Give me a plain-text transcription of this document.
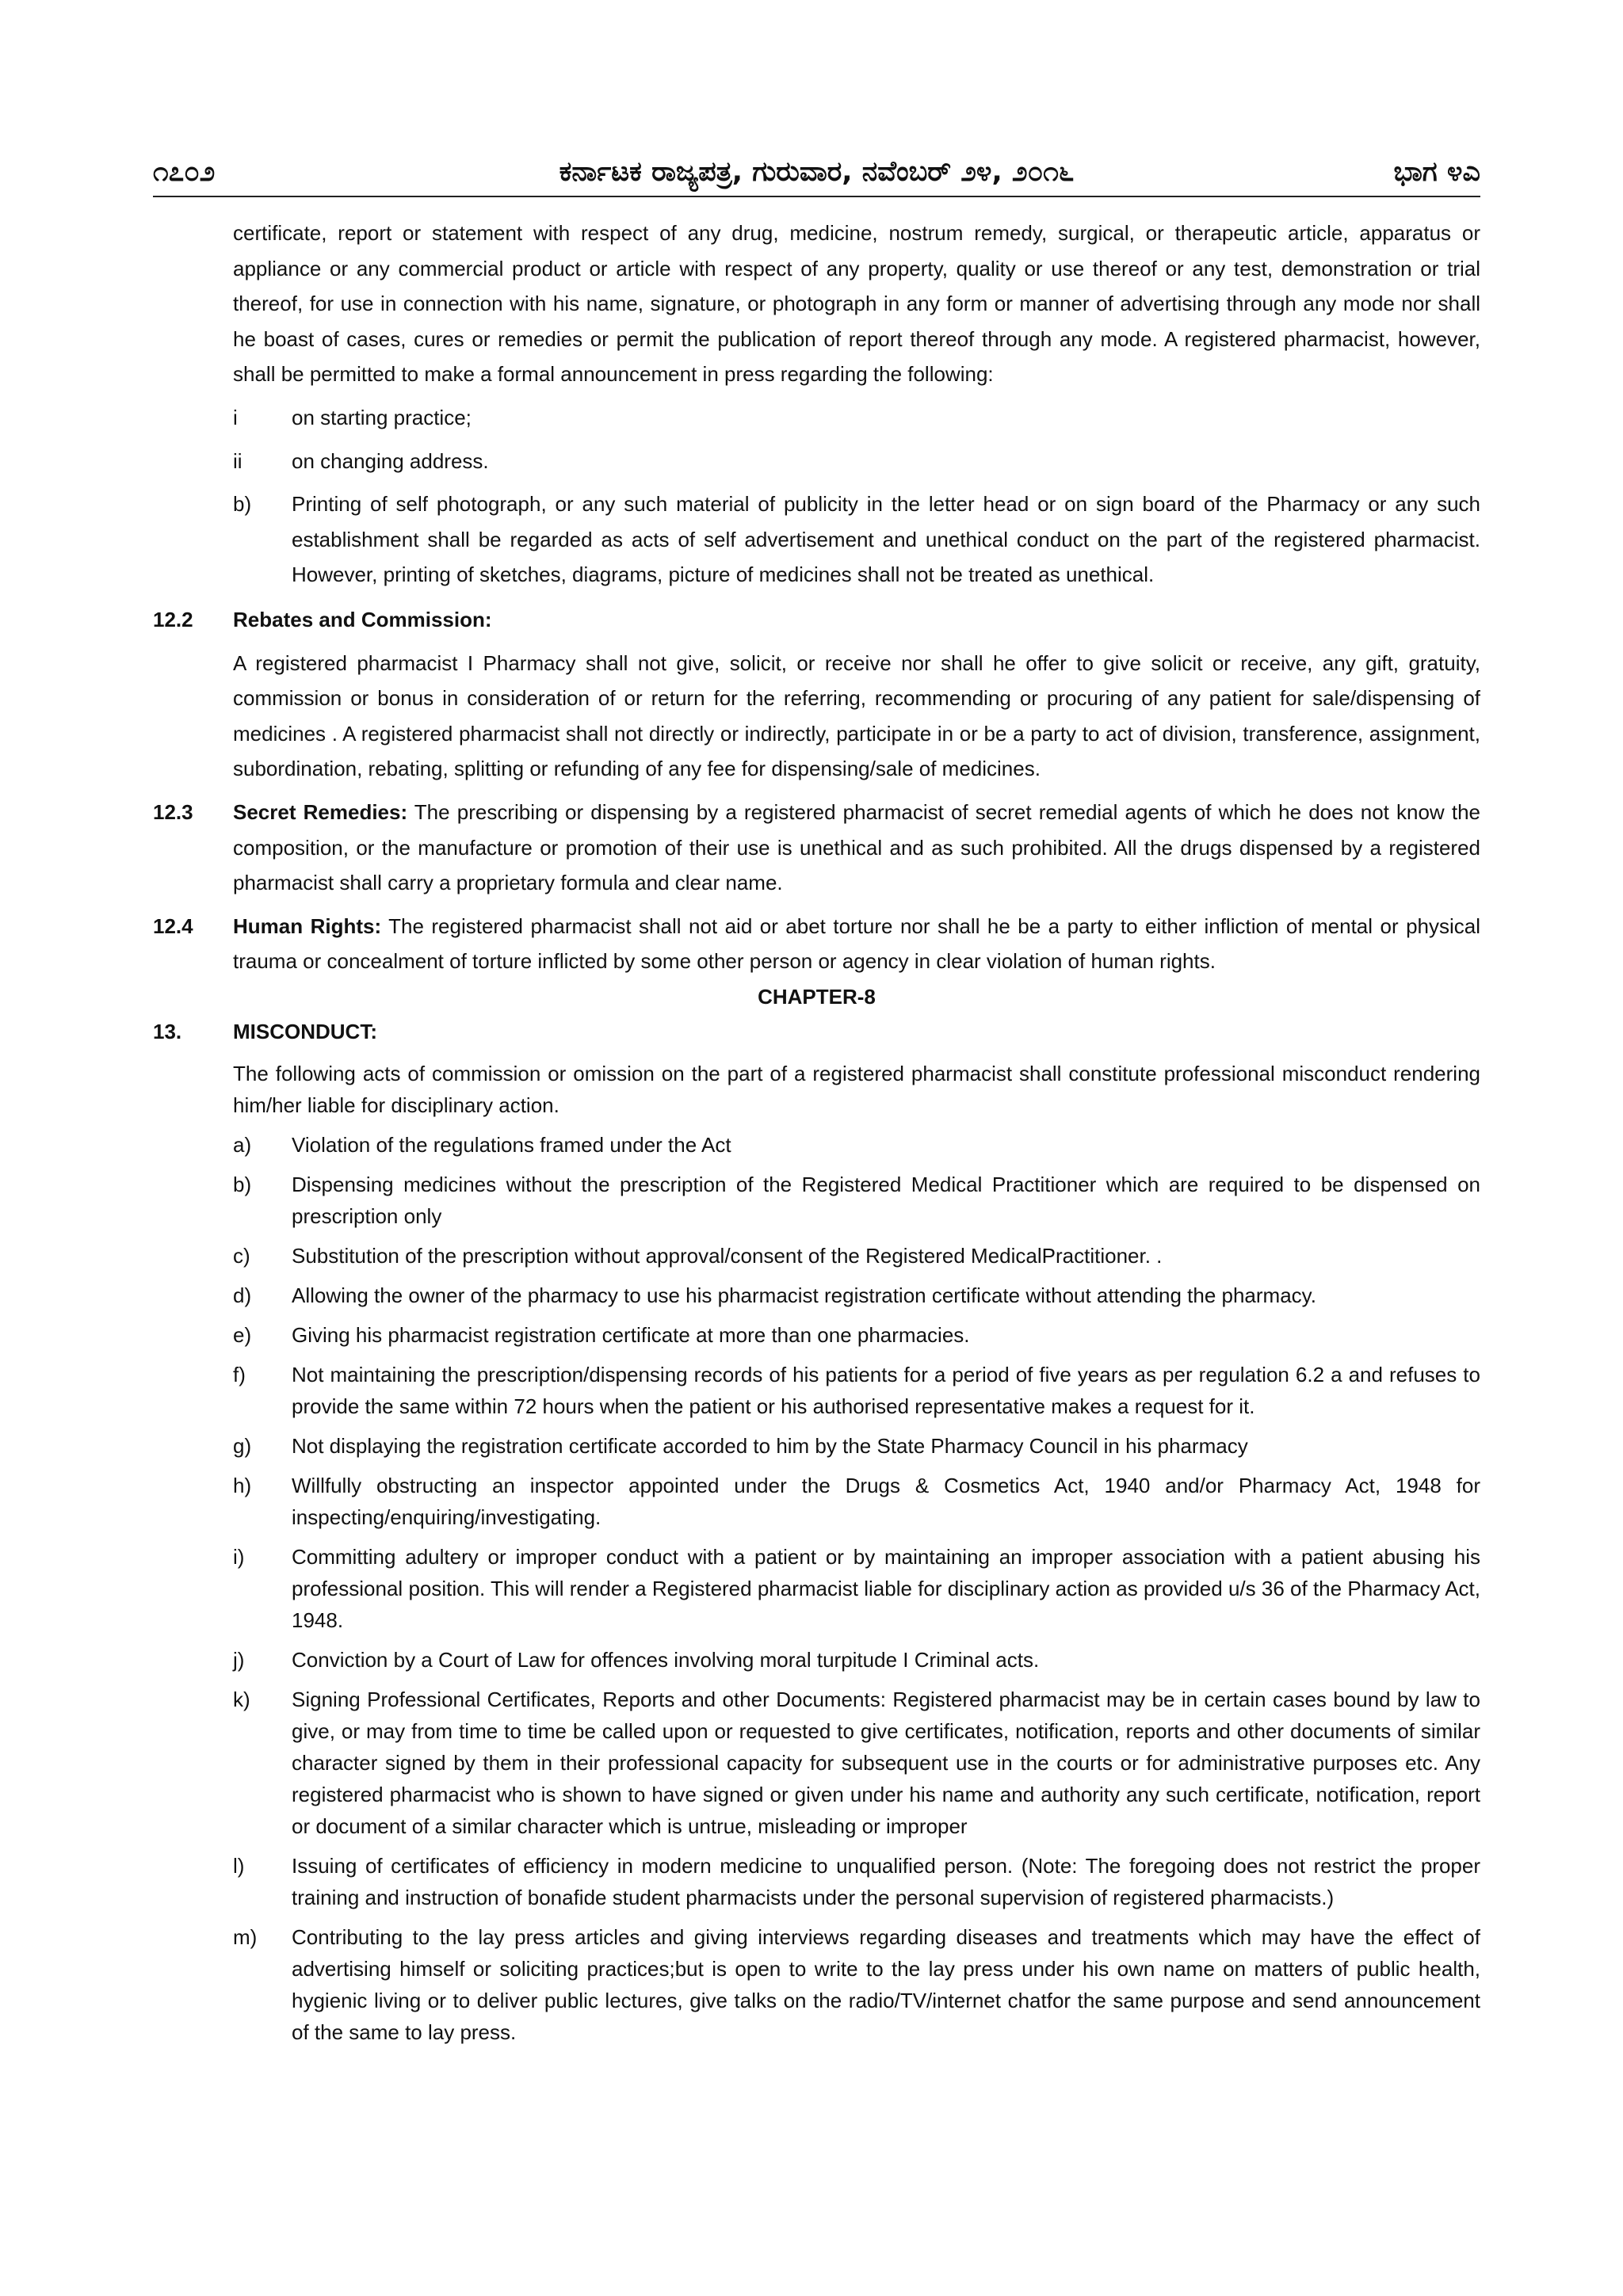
೧೭೦೨	ಕರ್ನಾಟಕ ರಾಜ್ಯಪತ್ರ, ಗುರುವಾರ, ನವೆಂಬರ್ ೨೪, ೨೦೧೬	ಭಾಗ ೪ಎ

certificate, report or statement with respect of any drug, medicine, nostrum remedy, surgical, or therapeutic article, apparatus or appliance or any commercial product or article with respect of any property, quality or use thereof or any test, demonstration or trial thereof, for use in connection with his name, signature, or photograph in any form or manner of advertising through any mode nor shall he boast of cases, cures or remedies or permit the publication of report thereof through any mode. A registered pharmacist, however, shall be permitted to make a formal announcement in press regarding the following:

i	on starting practice;
ii	on changing address.
b)	Printing of self photograph, or any such material of publicity in the letter head or on sign board of the Pharmacy or any such establishment shall be regarded as acts of self advertisement and unethical conduct on the part of the registered pharmacist. However, printing of sketches, diagrams, picture of medicines shall not be treated as unethical.
12.2	Rebates and Commission:

A registered pharmacist I Pharmacy shall not give, solicit, or receive nor shall he offer to give solicit or receive, any gift, gratuity, commission or bonus in consideration of or return for the referring, recommending or procuring of any patient for sale/dispensing of medicines . A registered pharmacist shall not directly or indirectly, participate in or be a party to act of division, transference, assignment, subordination, rebating, splitting or refunding of any fee for dispensing/sale of medicines.

12.3	Secret Remedies: The prescribing or dispensing by a registered pharmacist of secret remedial agents of which he does not know the composition, or the manufacture or promotion of their use is unethical and as such prohibited. All the drugs dispensed by a registered pharmacist shall carry a proprietary formula and clear name.
12.4	Human Rights: The registered pharmacist shall not aid or abet torture nor shall he be a party to either infliction of mental or physical trauma or concealment of torture inflicted by some other person or agency in clear violation of human rights.

CHAPTER-8

13.	MISCONDUCT:

The following acts of commission or omission on the part of a registered pharmacist shall constitute professional misconduct rendering him/her liable for disciplinary action.

a)	Violation of the regulations framed under the Act
b)	Dispensing medicines without the prescription of the Registered Medical Practitioner which are required to be dispensed on prescription only
c)	Substitution of the prescription without approval/consent of the Registered MedicalPractitioner. .
d)	Allowing the owner of the pharmacy to use his pharmacist registration certificate without attending the pharmacy.
e)	Giving his pharmacist registration certificate at more than one pharmacies.
f)	Not maintaining the prescription/dispensing records of his patients for a period of five years as per regulation 6.2 a and refuses to provide the same within 72 hours when the patient or his authorised representative makes a request for it.
g)	Not displaying the registration certificate accorded to him by the State Pharmacy Council in his pharmacy
h)	Willfully obstructing an inspector appointed under the Drugs & Cosmetics Act, 1940 and/or Pharmacy Act, 1948 for inspecting/enquiring/investigating.
i)	Committing adultery or improper conduct with a patient or by maintaining an improper association with a patient abusing his professional position. This will render a Registered pharmacist liable for disciplinary action as provided u/s 36 of the Pharmacy Act, 1948.
j)	Conviction by a Court of Law for offences involving moral turpitude I Criminal acts.
k)	Signing Professional Certificates, Reports and other Documents: Registered pharmacist may be in certain cases bound by law to give, or may from time to time be called upon or requested to give certificates, notification, reports and other documents of similar character signed by them in their professional capacity for subsequent use in the courts or for administrative purposes etc. Any registered pharmacist who is shown to have signed or given under his name and authority any such certificate, notification, report or document of a similar character which is untrue, misleading or improper
l)	Issuing of certificates of efficiency in modern medicine to unqualified person. (Note: The foregoing does not restrict the proper training and instruction of bonafide student pharmacists under the personal supervision of registered pharmacists.)
m)	Contributing to the lay press articles and giving interviews regarding diseases and treatments which may have the effect of advertising himself or soliciting practices;but is open to write to the lay press under his own name on matters of public health, hygienic living or to deliver public lectures, give talks on the radio/TV/internet chatfor the same purpose and send announcement of the same to lay press.
